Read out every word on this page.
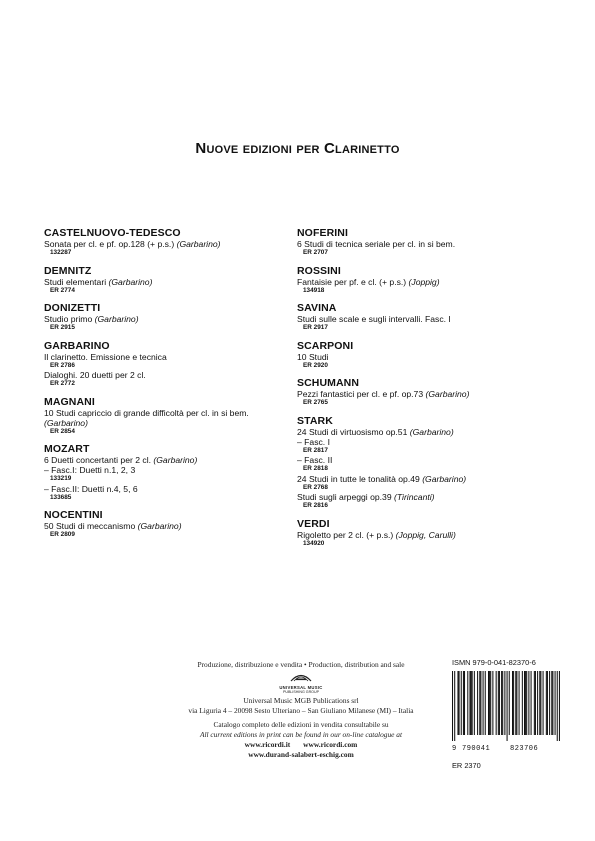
Nuove edizioni per Clarinetto
CASTELNUOVO-TEDESCO
Sonata per cl. e pf. op.128 (+ p.s.) (Garbarino)
132287
DEMNITZ
Studi elementari (Garbarino)
ER 2774
DONIZETTI
Studio primo (Garbarino)
ER 2915
GARBARINO
Il clarinetto. Emissione e tecnica
ER 2786
Dialoghi. 20 duetti per 2 cl.
ER 2772
MAGNANI
10 Studi capriccio di grande difficoltà per cl. in si bem. (Garbarino)
ER 2854
MOZART
6 Duetti concertanti per 2 cl. (Garbarino)
– Fasc.I: Duetti n.1, 2, 3
133219
– Fasc.II: Duetti n.4, 5, 6
133685
NOCENTINI
50 Studi di meccanismo (Garbarino)
ER 2809
NOFERINI
6 Studi di tecnica seriale per cl. in si bem.
ER 2707
ROSSINI
Fantaisie per pf. e cl. (+ p.s.) (Joppig)
134918
SAVINA
Studi sulle scale e sugli intervalli. Fasc. I
ER 2917
SCARPONI
10 Studi
ER 2920
SCHUMANN
Pezzi fantastici per cl. e pf. op.73 (Garbarino)
ER 2765
STARK
24 Studi di virtuosismo op.51 (Garbarino)
– Fasc. I
ER 2817
– Fasc. II
ER 2818
24 Studi in tutte le tonalità op.49 (Garbarino)
ER 2768
Studi sugli arpeggi op.39 (Tirincanti)
ER 2816
VERDI
Rigoletto per 2 cl. (+ p.s.) (Joppig, Carulli)
134920
Produzione, distribuzione e vendita • Production, distribution and sale
UNIVERSAL MUSIC
PUBLISHING GROUP
Universal Music MGB Publications srl
via Liguria 4 – 20098 Sesto Ulteriano – San Giuliano Milanese (MI) – Italia
Catalogo completo delle edizioni in vendita consultabile su
All current editions in print can be found in our on-line catalogue at
www.ricordi.it www.ricordi.com
www.durand-salabert-eschig.com
ISMN 979-0-041-82370-6
9 790041	823706
ER 2370
